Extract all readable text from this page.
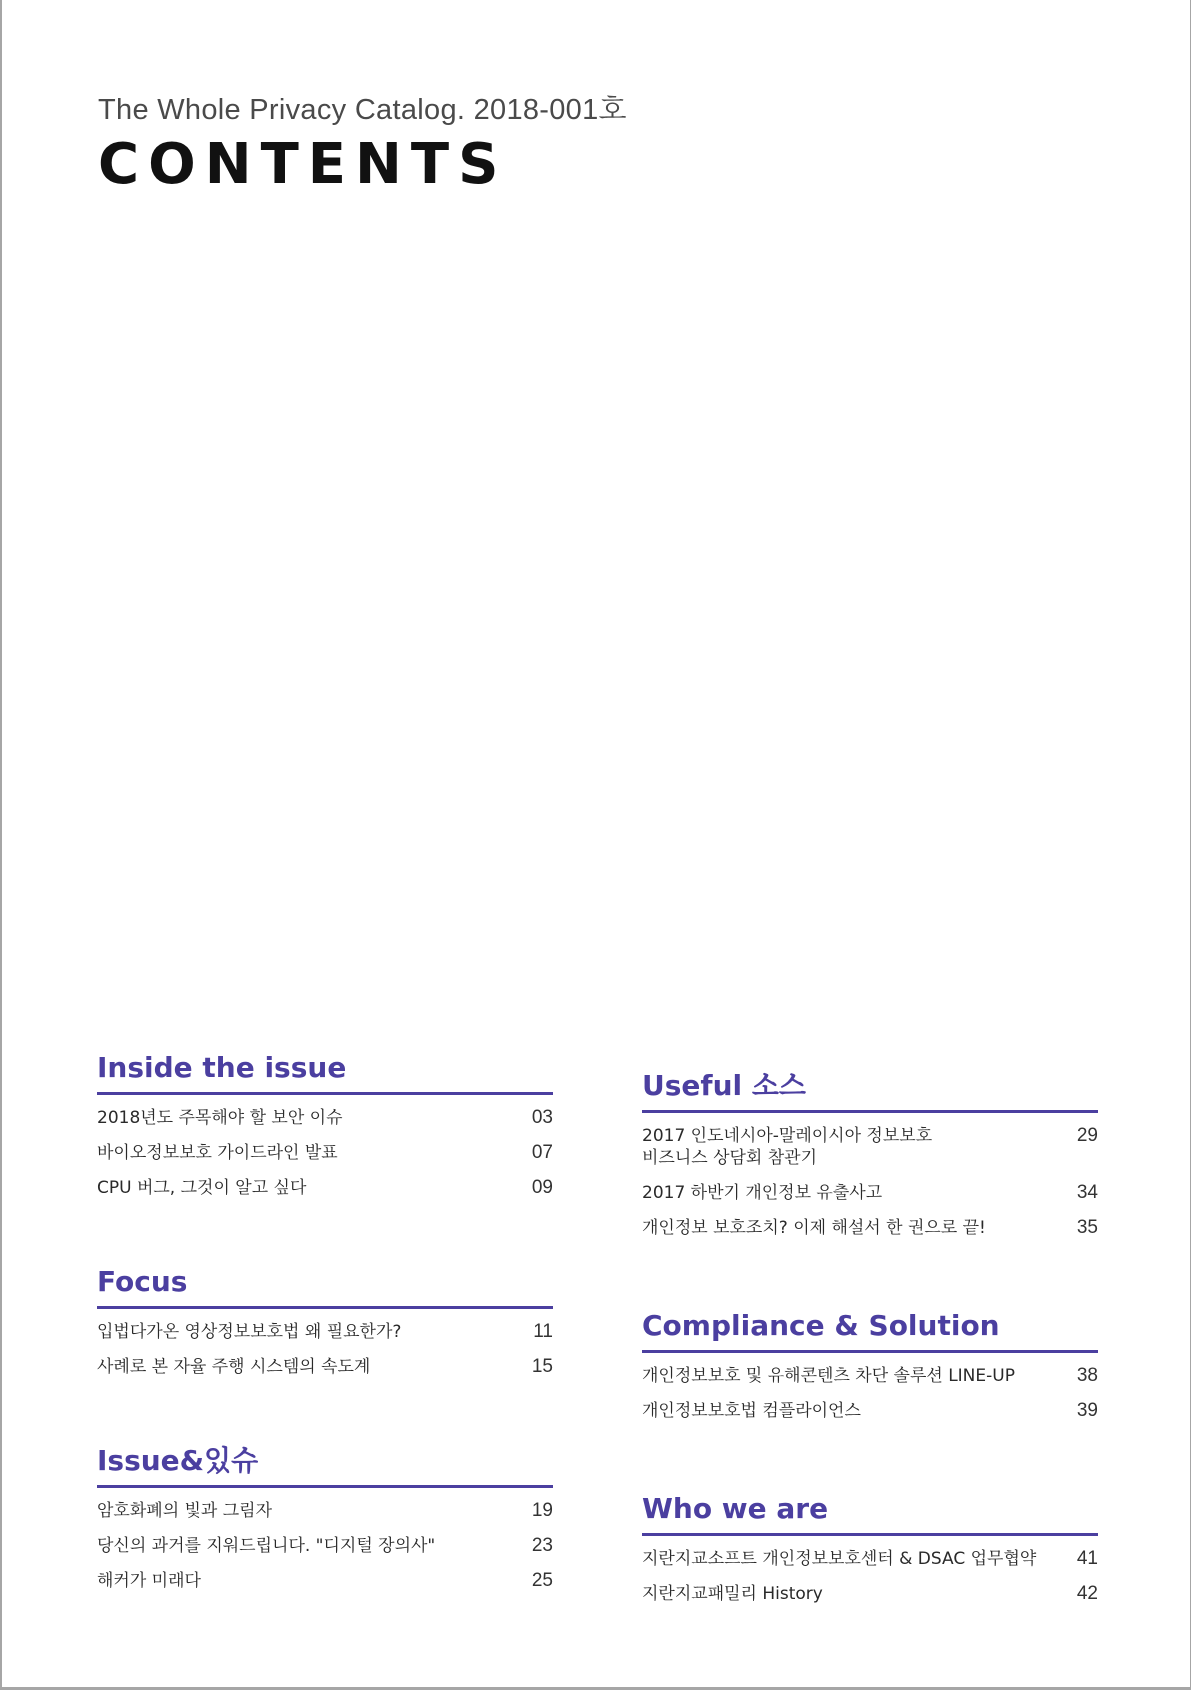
The Whole Privacy Catalog. 2018-001호
CONTENTS
Inside the issue
2018년도 주목해야 할 보안 이슈	03
바이오정보보호 가이드라인 발표	07
CPU 버그, 그것이 알고 싶다	09
Focus
입법다가온 영상정보보호법 왜 필요한가?	11
사례로 본 자율 주행 시스템의 속도계	15
Issue&있슈
암호화폐의 빛과 그림자	19
당신의 과거를 지워드립니다. "디지털 장의사"	23
해커가 미래다	25
Useful 소스
2017 인도네시아-말레이시아 정보보호
비즈니스 상담회 참관기
29
2017 하반기 개인정보 유출사고	34
개인정보 보호조치? 이제 해설서 한 권으로 끝!	35
Compliance & Solution
개인정보보호 및 유해콘텐츠 차단 솔루션 LINE-UP	38
개인정보보호법 컴플라이언스	39
Who we are
지란지교소프트 개인정보보호센터 & DSAC 업무협약 41
지란지교패밀리 History	42
